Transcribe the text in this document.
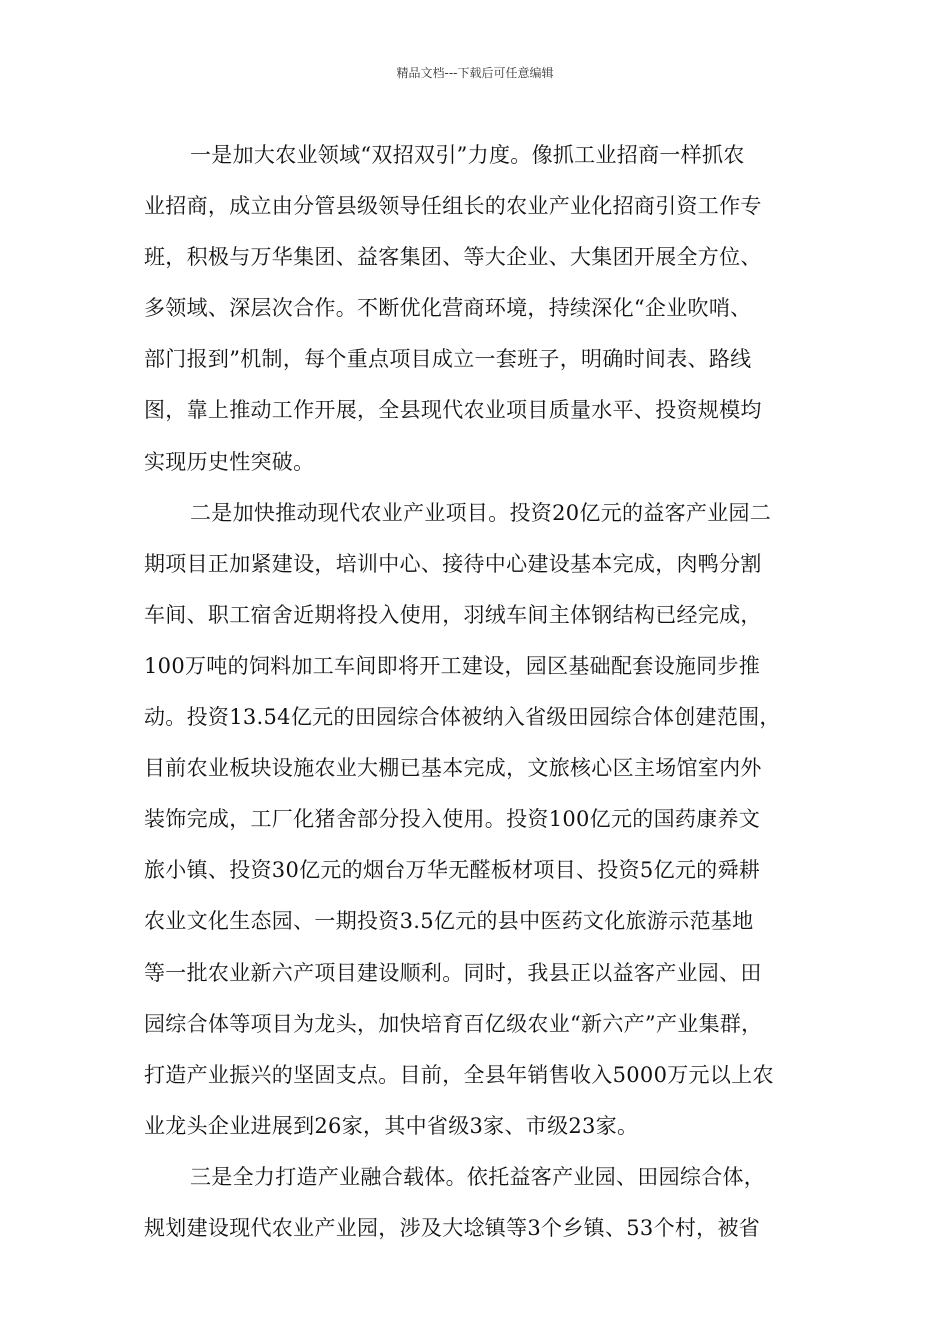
精品文档---下载后可任意编辑
一是加大农业领域“双招双引”力度。像抓工业招商一样抓农
业招商，成立由分管县级领导任组长的农业产业化招商引资工作专
班，积极与万华集团、益客集团、等大企业、大集团开展全方位、
多领域、深层次合作。不断优化营商环境，持续深化“企业吹哨、
部门报到”机制，每个重点项目成立一套班子，明确时间表、路线
图，靠上推动工作开展，全县现代农业项目质量水平、投资规模均
实现历史性突破。
二是加快推动现代农业产业项目。投资20亿元的益客产业园二
期项目正加紧建设，培训中心、接待中心建设基本完成，肉鸭分割
车间、职工宿舍近期将投入使用，羽绒车间主体钢结构已经完成，
100万吨的饲料加工车间即将开工建设，园区基础配套设施同步推
动。投资13.54亿元的田园综合体被纳入省级田园综合体创建范围，
目前农业板块设施农业大棚已基本完成，文旅核心区主场馆室内外
装饰完成，工厂化猪舍部分投入使用。投资100亿元的国药康养文
旅小镇、投资30亿元的烟台万华无醛板材项目、投资5亿元的舜耕
农业文化生态园、一期投资3.5亿元的县中医药文化旅游示范基地
等一批农业新六产项目建设顺利。同时，我县正以益客产业园、田
园综合体等项目为龙头，加快培育百亿级农业“新六产”产业集群，
打造产业振兴的坚固支点。目前，全县年销售收入5000万元以上农
业龙头企业进展到26家，其中省级3家、市级23家。
三是全力打造产业融合载体。依托益客产业园、田园综合体，
规划建设现代农业产业园，涉及大埝镇等3个乡镇、53个村，被省
